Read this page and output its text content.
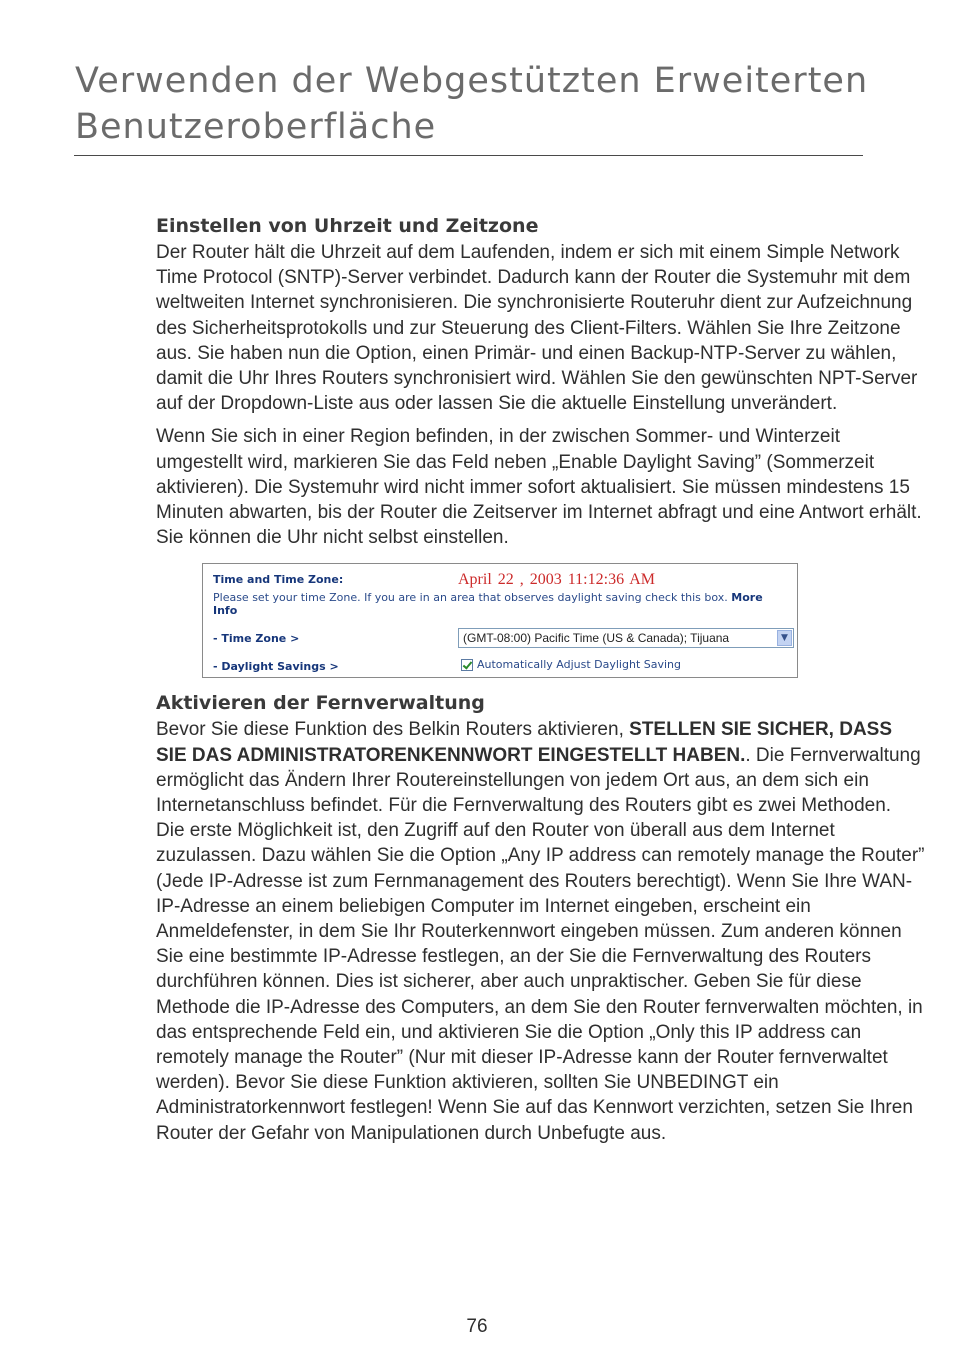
Verwenden der Webgestützten Erweiterten
Benutzeroberfläche
Einstellen von Uhrzeit und Zeitzone

Der Router hält die Uhrzeit auf dem Laufenden, indem er sich mit einem Simple Network Time Protocol (SNTP)-Server verbindet. Dadurch kann der Router die Systemuhr mit dem weltweiten Internet synchronisieren. Die synchronisierte Routeruhr dient zur Aufzeichnung des Sicherheitsprotokolls und zur Steuerung des Client-Filters. Wählen Sie Ihre Zeitzone aus. Sie haben nun die Option, einen Primär- und einen Backup-NTP-Server zu wählen, damit die Uhr Ihres Routers synchronisiert wird. Wählen Sie den gewünschten NPT-Server auf der Dropdown-Liste aus oder lassen Sie die aktuelle Einstellung unverändert.

Wenn Sie sich in einer Region befinden, in der zwischen Sommer- und Winterzeit umgestellt wird, markieren Sie das Feld neben „Enable Daylight Saving” (Sommerzeit aktivieren). Die Systemuhr wird nicht immer sofort aktualisiert. Sie müssen mindestens 15 Minuten abwarten, bis der Router die Zeitserver im Internet abfragt und eine Antwort erhält. Sie können die Uhr nicht selbst einstellen.

Time and Time Zone:	April 22 , 2003 11:12:36 AM
Please set your time Zone. If you are in an area that observes daylight saving check this box. More Info
- Time Zone >	(GMT-08:00) Pacific Time (US & Canada); Tijuana	▼
- Daylight Savings >	Automatically Adjust Daylight Saving
Aktivieren der Fernverwaltung

Bevor Sie diese Funktion des Belkin Routers aktivieren, STELLEN SIE SICHER, DASS SIE DAS ADMINISTRATORENKENNWORT EINGESTELLT HABEN.. Die Fernverwaltung ermöglicht das Ändern Ihrer Routereinstellungen von jedem Ort aus, an dem sich ein Internetanschluss befindet. Für die Fernverwaltung des Routers gibt es zwei Methoden.

Die erste Möglichkeit ist, den Zugriff auf den Router von überall aus dem Internet zuzulassen. Dazu wählen Sie die Option „Any IP address can remotely manage the Router” (Jede IP-Adresse ist zum Fernmanagement des Routers berechtigt). Wenn Sie Ihre WAN-IP-Adresse an einem beliebigen Computer im Internet eingeben, erscheint ein Anmeldefenster, in dem Sie Ihr Routerkennwort eingeben müssen. Zum anderen können Sie eine bestimmte IP-Adresse festlegen, an der Sie die Fernverwaltung des Routers durchführen können. Dies ist sicherer, aber auch unpraktischer. Geben Sie für diese Methode die IP-Adresse des Computers, an dem Sie den Router fernverwalten möchten, in das entsprechende Feld ein, und aktivieren Sie die Option „Only this IP address can remotely manage the Router” (Nur mit dieser IP-Adresse kann der Router fernverwaltet werden). Bevor Sie diese Funktion aktivieren, sollten Sie UNBEDINGT ein Administratorkennwort festlegen! Wenn Sie auf das Kennwort verzichten, setzen Sie Ihren Router der Gefahr von Manipulationen durch Unbefugte aus.

76
